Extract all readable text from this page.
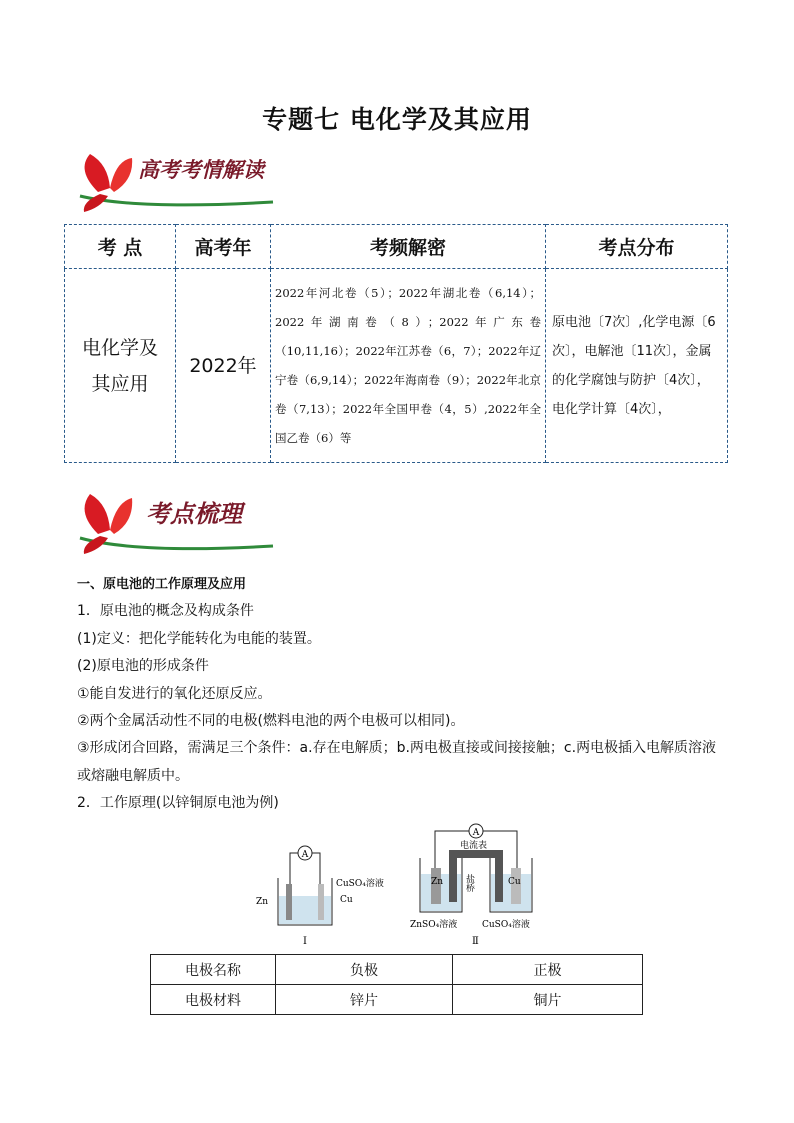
专题七 电化学及其应用
高考考情解读
考 点	高考年	考频解密	考点分布
电化学及其应用	2022年	2022年河北卷（5）；2022年湖北卷（6,14）；2022年湖南卷（8）；2022年广东卷（10,11,16）；2022年江苏卷（6，7）；2022年辽宁卷（6,9,14）；2022年海南卷（9）；2022年北京卷（7,13）；2022年全国甲卷（4，5）,2022年全国乙卷（6）等	原电池〔7次〕,化学电源〔6次〕，电解池〔11次〕，金属的化学腐蚀与防护〔4次〕，电化学计算〔4次〕，
考点梳理

一、原电池的工作原理及应用

1．原电池的概念及构成条件

(1)定义：把化学能转化为电能的装置。

(2)原电池的形成条件

①能自发进行的氧化还原反应。

②两个金属活动性不同的电极(燃料电池的两个电极可以相同)。

③形成闭合回路，需满足三个条件：a.存在电解质；b.两电极直接或间接接触；c.两电极插入电解质溶液或熔融电解质中。

2．工作原理(以锌铜原电池为例)

A
Zn
CuSO₄溶液
Cu
Ⅰ
A
电流表
Zn	Cu
盐桥
ZnSO₄溶液	CuSO₄溶液
Ⅱ
电极名称	负极	正极
电极材料	锌片	铜片
